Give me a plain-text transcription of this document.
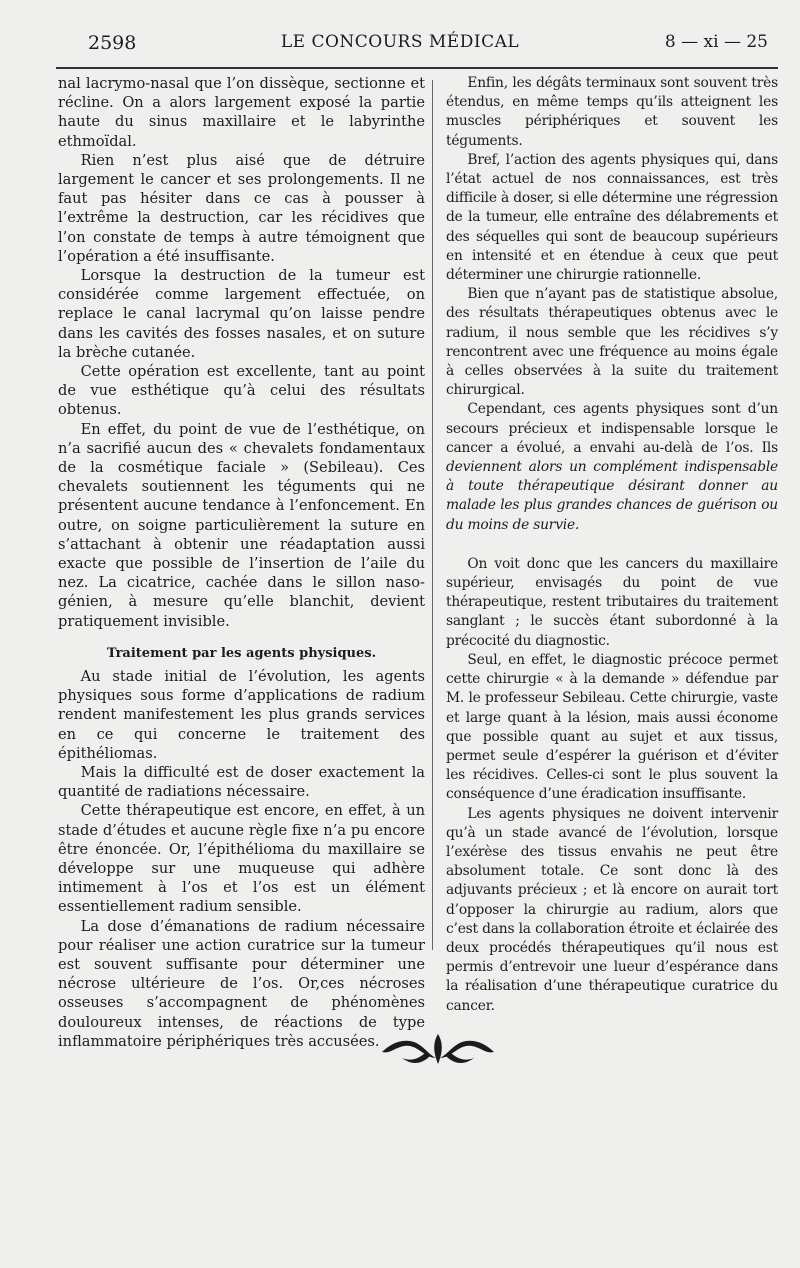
2598	LE CONCOURS MÉDICAL	8 — xi — 25

nal lacrymo-nasal que l’on dissèque, sectionne et récline. On a alors largement exposé la partie haute du sinus maxillaire et le labyrinthe ethmoïdal.

Rien n’est plus aisé que de détruire largement le cancer et ses prolongements. Il ne faut pas hésiter dans ce cas à pousser à l’extrême la destruction, car les récidives que l’on constate de temps à autre témoignent que l’opération a été insuffisante.

Lorsque la destruction de la tumeur est considérée comme largement effectuée, on replace le canal lacrymal qu’on laisse pendre dans les cavités des fosses nasales, et on suture la brèche cutanée.

Cette opération est excellente, tant au point de vue esthétique qu’à celui des résultats obtenus.

En effet, du point de vue de l’esthétique, on n’a sacrifié aucun des « chevalets fondamentaux de la cosmétique faciale » (Sebileau). Ces chevalets soutiennent les téguments qui ne présentent aucune tendance à l’enfoncement. En outre, on soigne particulièrement la suture en s’attachant à obtenir une réadaptation aussi exacte que possible de l’insertion de l’aile du nez. La cicatrice, cachée dans le sillon naso-génien, à mesure qu’elle blanchit, devient pratiquement invisible.

Traitement par les agents physiques.

Au stade initial de l’évolution, les agents physiques sous forme d’applications de radium rendent manifestement les plus grands services en ce qui concerne le traitement des épithéliomas.

Mais la difficulté est de doser exactement la quantité de radiations nécessaire.

Cette thérapeutique est encore, en effet, à un stade d’études et aucune règle fixe n’a pu encore être énoncée. Or, l’épithélioma du maxillaire se développe sur une muqueuse qui adhère intimement à l’os et l’os est un élément essentiellement radium sensible.

La dose d’émanations de radium nécessaire pour réaliser une action curatrice sur la tumeur est souvent suffisante pour déterminer une nécrose ultérieure de l’os. Or,ces nécroses osseuses s’accompagnent de phénomènes douloureux intenses, de réactions de type inflammatoire périphériques très accusées.

Enfin, les dégâts terminaux sont souvent très étendus, en même temps qu’ils atteignent les muscles périphériques et souvent les téguments.

Bref, l’action des agents physiques qui, dans l’état actuel de nos connaissances, est très difficile à doser, si elle détermine une régression de la tumeur, elle entraîne des délabrements et des séquelles qui sont de beaucoup supérieurs en intensité et en étendue à ceux que peut déterminer une chirurgie rationnelle.

Bien que n’ayant pas de statistique absolue, des résultats thérapeutiques obtenus avec le radium, il nous semble que les récidives s’y rencontrent avec une fréquence au moins égale à celles observées à la suite du traitement chirurgical.

Cependant, ces agents physiques sont d’un secours précieux et indispensable lorsque le cancer a évolué, a envahi au-delà de l’os. Ils deviennent alors un complément indispensable à toute thérapeutique désirant donner au malade les plus grandes chances de guérison ou du moins de survie.

On voit donc que les cancers du maxillaire supérieur, envisagés du point de vue thérapeutique, restent tributaires du traitement sanglant ; le succès étant subordonné à la précocité du diagnostic.

Seul, en effet, le diagnostic précoce permet cette chirurgie « à la demande » défendue par M. le professeur Sebileau. Cette chirurgie, vaste et large quant à la lésion, mais aussi économe que possible quant au sujet et aux tissus, permet seule d’espérer la guérison et d’éviter les récidives. Celles-ci sont le plus souvent la conséquence d’une éradication insuffisante.

Les agents physiques ne doivent intervenir qu’à un stade avancé de l’évolution, lorsque l’exérèse des tissus envahis ne peut être absolument totale. Ce sont donc là des adjuvants précieux ; et là encore on aurait tort d’opposer la chirurgie au radium, alors que c’est dans la collaboration étroite et éclairée des deux procédés thérapeutiques qu’il nous est permis d’entrevoir une lueur d’espérance dans la réalisation d’une thérapeutique curatrice du cancer.
